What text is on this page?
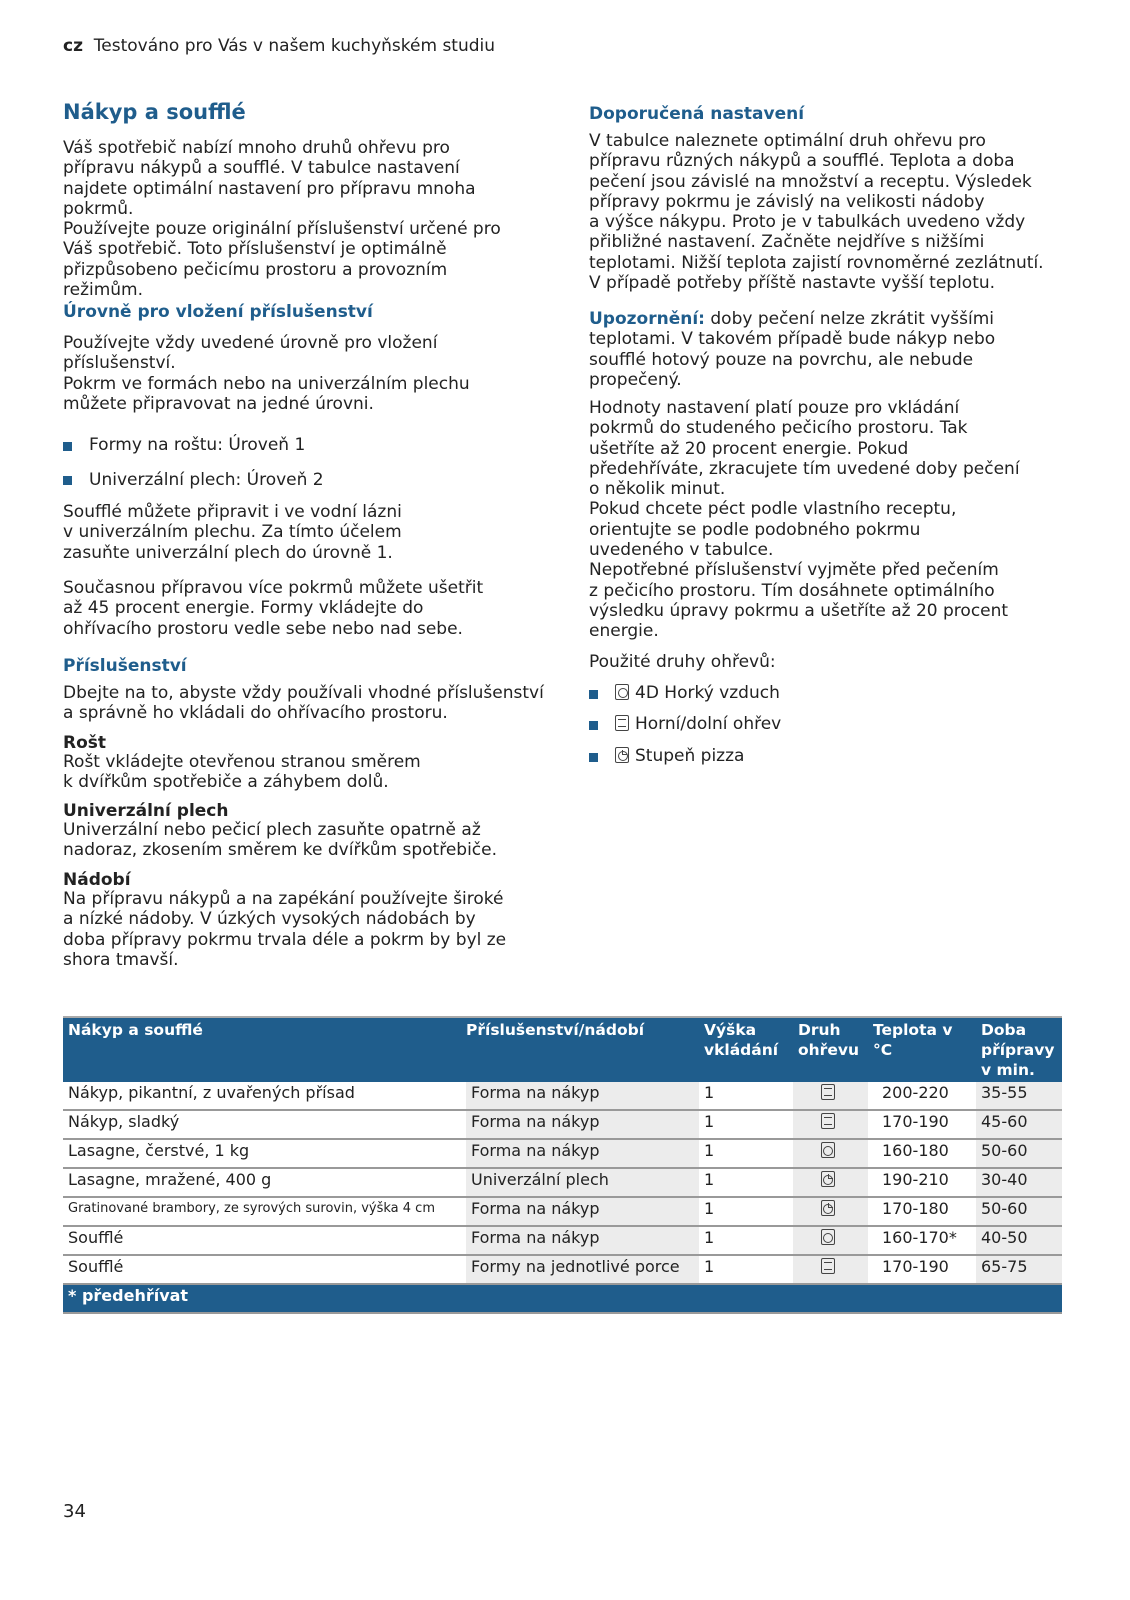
cz Testováno pro Vás v našem kuchyňském studiu
Nákyp a soufflé

Váš spotřebič nabízí mnoho druhů ohřevu pro
přípravu nákypů a soufflé. V tabulce nastavení
najdete optimální nastavení pro přípravu mnoha
pokrmů.
Používejte pouze originální příslušenství určené pro
Váš spotřebič. Toto příslušenství je optimálně
přizpůsobeno pečicímu prostoru a provozním
režimům.

Úrovně pro vložení příslušenství

Používejte vždy uvedené úrovně pro vložení
příslušenství.
Pokrm ve formách nebo na univerzálním plechu
můžete připravovat na jedné úrovni.

Formy na roštu: Úroveň 1
Univerzální plech: Úroveň 2

Soufflé můžete připravit i ve vodní lázni
v univerzálním plechu. Za tímto účelem
zasuňte univerzální plech do úrovně 1.

Současnou přípravou více pokrmů můžete ušetřit
až 45 procent energie. Formy vkládejte do
ohřívacího prostoru vedle sebe nebo nad sebe.

Příslušenství

Dbejte na to, abyste vždy používali vhodné příslušenství
a správně ho vkládali do ohřívacího prostoru.

Rošt

Rošt vkládejte otevřenou stranou směrem
k dvířkům spotřebiče a záhybem dolů.

Univerzální plech

Univerzální nebo pečicí plech zasuňte opatrně až
nadoraz, zkosením směrem ke dvířkům spotřebiče.

Nádobí

Na přípravu nákypů a na zapékání používejte široké
a nízké nádoby. V úzkých vysokých nádobách by
doba přípravy pokrmu trvala déle a pokrm by byl ze
shora tmavší.

Doporučená nastavení

V tabulce naleznete optimální druh ohřevu pro
přípravu různých nákypů a soufflé. Teplota a doba
pečení jsou závislé na množství a receptu. Výsledek
přípravy pokrmu je závislý na velikosti nádoby
a výšce nákypu. Proto je v tabulkách uvedeno vždy
přibližné nastavení. Začněte nejdříve s nižšími
teplotami. Nižší teplota zajistí rovnoměrné zezlátnutí.
V případě potřeby příště nastavte vyšší teplotu.

Upozornění: doby pečení nelze zkrátit vyššími
teplotami. V takovém případě bude nákyp nebo
soufflé hotový pouze na povrchu, ale nebude
propečený.

Hodnoty nastavení platí pouze pro vkládání
pokrmů do studeného pečicího prostoru. Tak
ušetříte až 20 procent energie. Pokud
předehříváte, zkracujete tím uvedené doby pečení
o několik minut.
Pokud chcete péct podle vlastního receptu,
orientujte se podle podobného pokrmu
uvedeného v tabulce.
Nepotřebné příslušenství vyjměte před pečením
z pečicího prostoru. Tím dosáhnete optimálního
výsledku úpravy pokrmu a ušetříte až 20 procent
energie.

Použité druhy ohřevů:
4D Horký vzduch
Horní/dolní ohřev
Stupeň pizza
Nákyp a soufflé	Příslušenství/nádobí	Výška vkládání	Druh ohřevu	Teplota v °C	Doba přípravy v min.
Nákyp, pikantní, z uvařených přísad	Forma na nákyp	1		200-220	35-55
Nákyp, sladký	Forma na nákyp	1		170-190	45-60
Lasagne, čerstvé, 1 kg	Forma na nákyp	1		160-180	50-60
Lasagne, mražené, 400 g	Univerzální plech	1		190-210	30-40
Gratinované brambory, ze syrových surovin, výška 4 cm	Forma na nákyp	1		170-180	50-60
Soufflé	Forma na nákyp	1		160-170*	40-50
Soufflé	Formy na jednotlivé porce	1		170-190	65-75
* předehřívat					
34
